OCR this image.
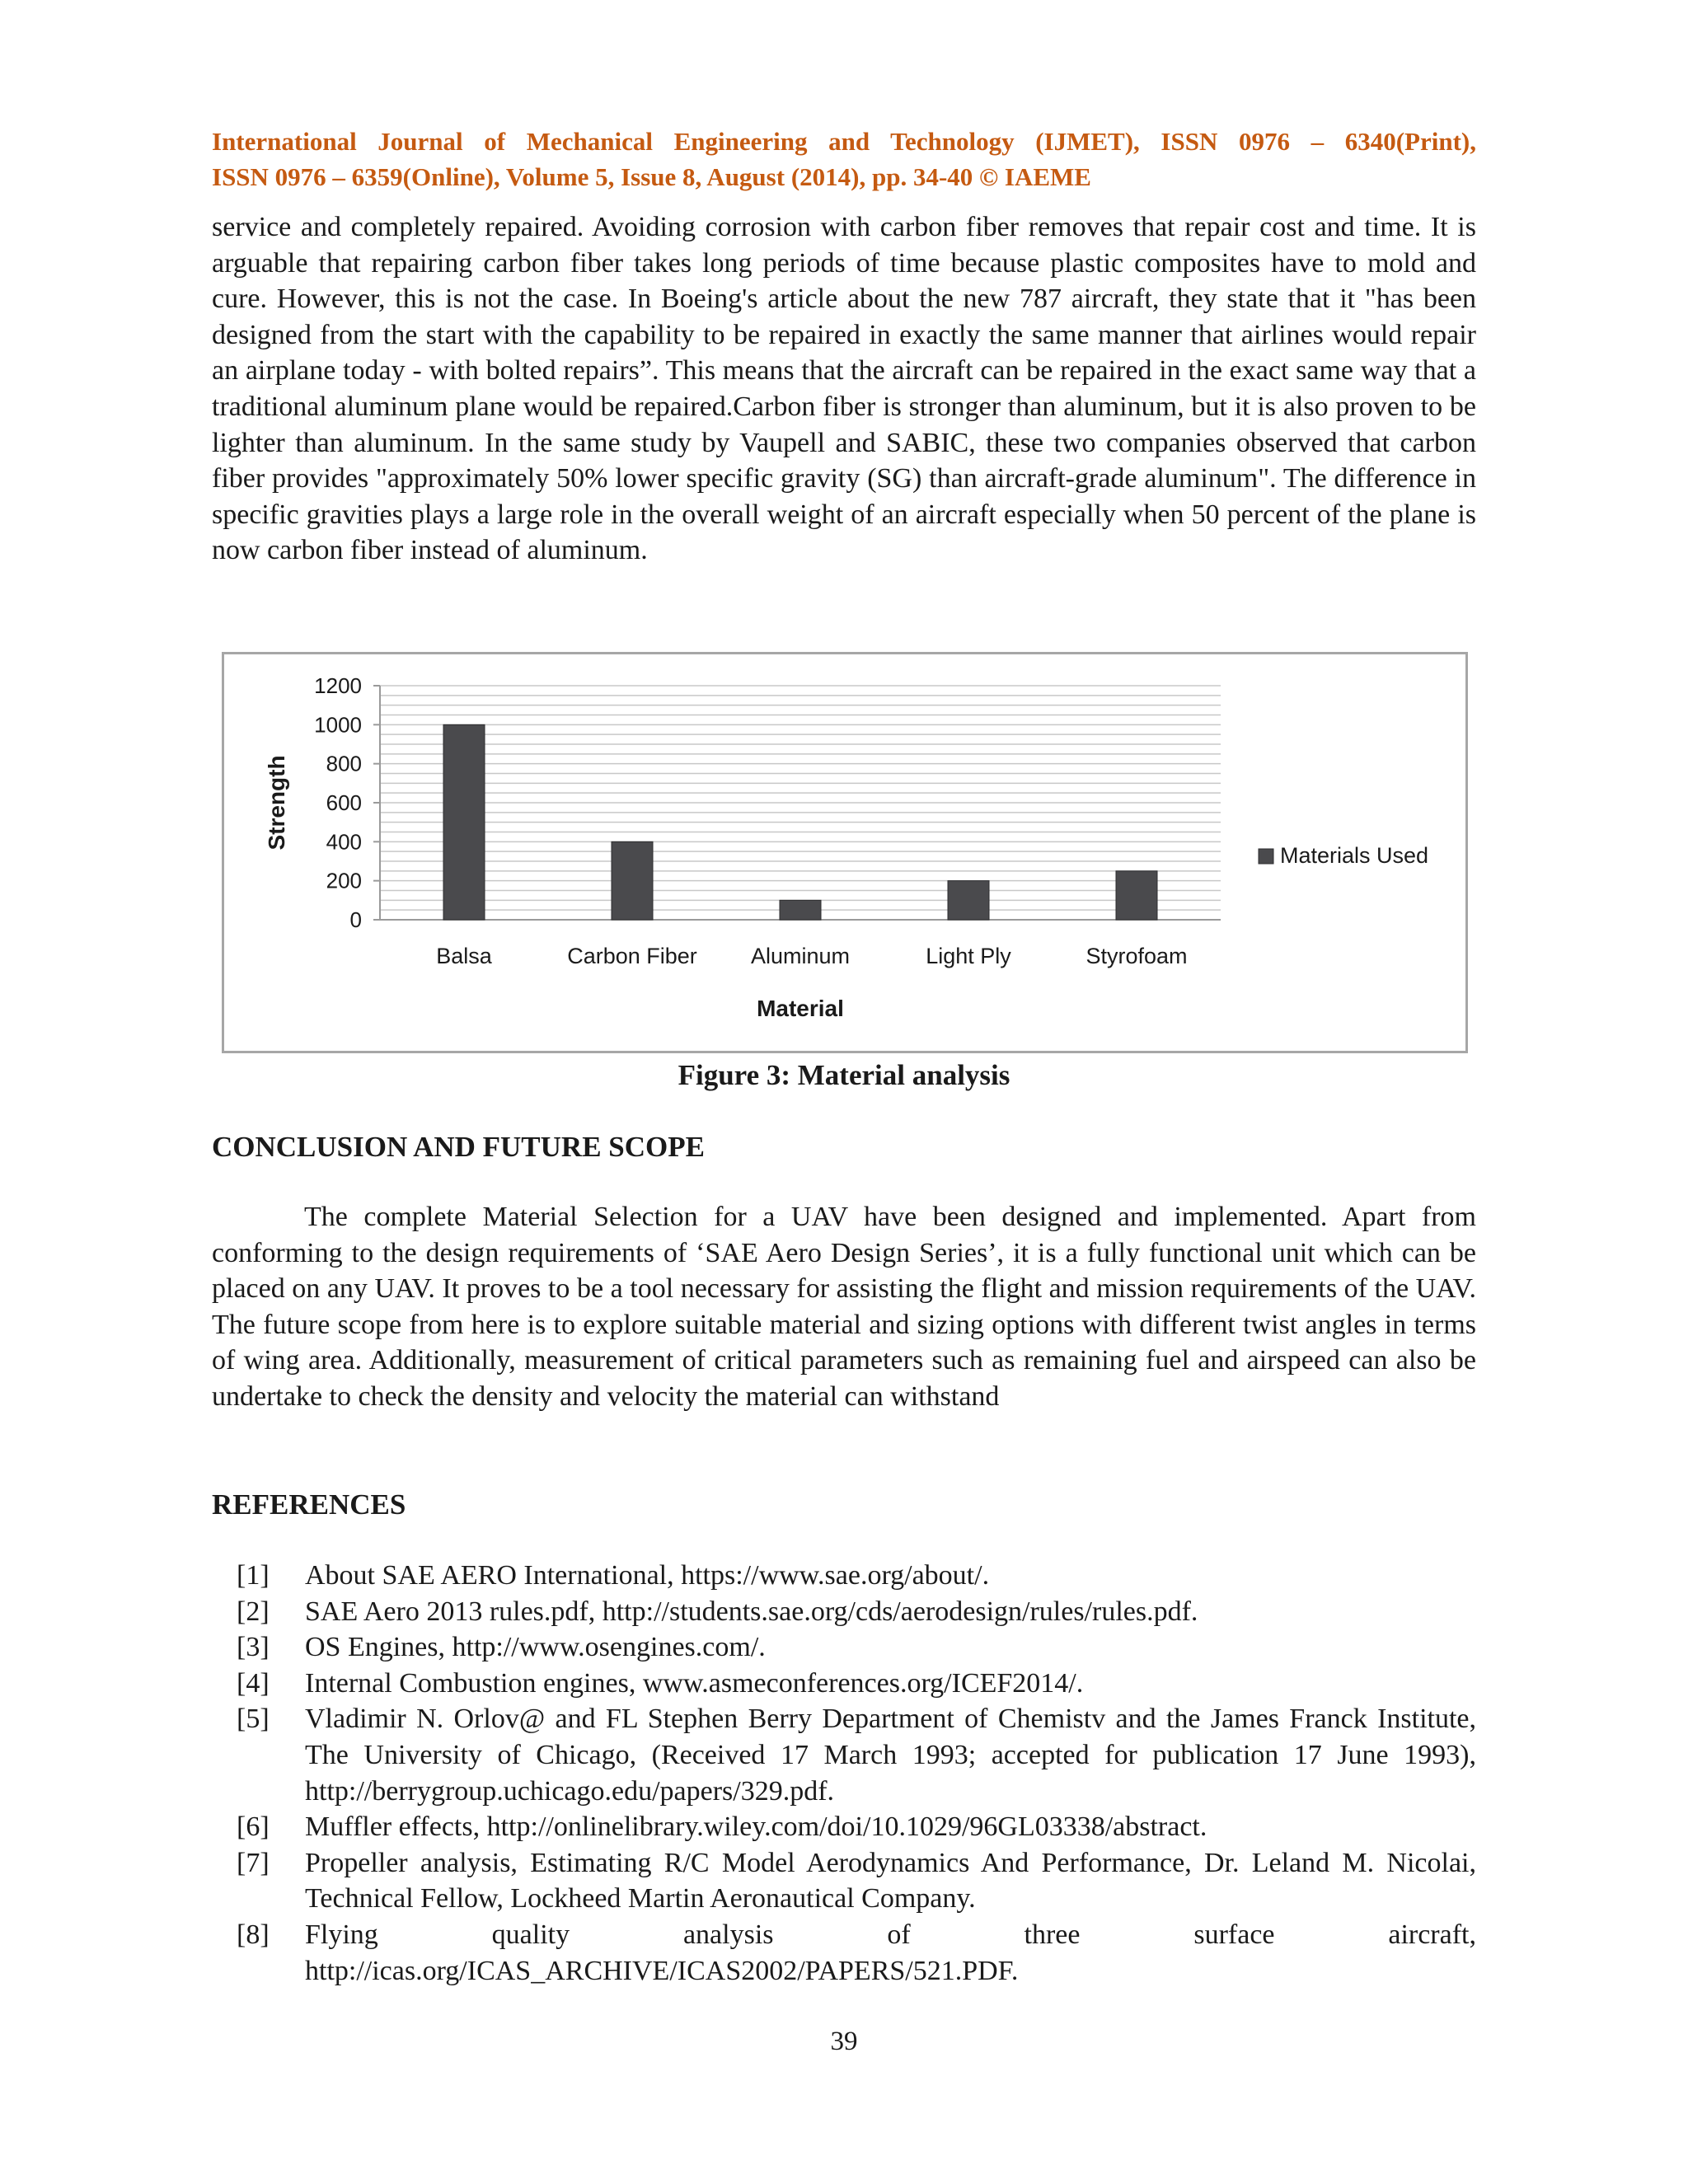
International Journal of Mechanical Engineering and Technology (IJMET), ISSN 0976 – 6340(Print),
ISSN 0976 – 6359(Online), Volume 5, Issue 8, August (2014), pp. 34-40 © IAEME

service and completely repaired. Avoiding corrosion with carbon fiber removes that repair cost and time. It is arguable that repairing carbon fiber takes long periods of time because plastic composites have to mold and cure. However, this is not the case. In Boeing's article about the new 787 aircraft, they state that it "has been designed from the start with the capability to be repaired in exactly the same manner that airlines would repair an airplane today - with bolted repairs”. This means that the aircraft can be repaired in the exact same way that a traditional aluminum plane would be repaired.Carbon fiber is stronger than aluminum, but it is also proven to be lighter than aluminum. In the same study by Vaupell and SABIC, these two companies observed that carbon fiber provides "approximately 50% lower specific gravity (SG) than aircraft-grade aluminum". The difference in specific gravities plays a large role in the overall weight of an aircraft especially when 50 percent of the plane is now carbon fiber instead of aluminum.

0
200
400
600
800
1000
1200
Balsa	Carbon Fiber Aluminum	Light Ply	Styrofoam
Material
Strength
Materials Used
Figure 3: Material analysis
CONCLUSION AND FUTURE SCOPE

The complete Material Selection for a UAV have been designed and implemented. Apart from conforming to the design requirements of ‘SAE Aero Design Series’, it is a fully functional unit which can be placed on any UAV. It proves to be a tool necessary for assisting the flight and mission requirements of the UAV. The future scope from here is to explore suitable material and sizing options with different twist angles in terms of wing area. Additionally, measurement of critical parameters such as remaining fuel and airspeed can also be undertake to check the density and velocity the material can withstand

REFERENCES
[1]	About SAE AERO International, https://www.sae.org/about/.
[2]	SAE Aero 2013 rules.pdf, http://students.sae.org/cds/aerodesign/rules/rules.pdf.
[3]	OS Engines, http://www.osengines.com/.
[4]	Internal Combustion engines, www.asmeconferences.org/ICEF2014/.
[5]	Vladimir N. Orlov@ and FL Stephen Berry Department of Chemistv and the James Franck Institute, The University of Chicago, (Received 17 March 1993; accepted for publication 17 June 1993), http://berrygroup.uchicago.edu/papers/329.pdf.
[6]	Muffler effects, http://onlinelibrary.wiley.com/doi/10.1029/96GL03338/abstract.
[7]	Propeller analysis, Estimating R/C Model Aerodynamics And Performance, Dr. Leland M. Nicolai, Technical Fellow, Lockheed Martin Aeronautical Company.
[8]	Flying quality analysis of three surface aircraft, http://icas.org/ICAS_ARCHIVE/ICAS2002/PAPERS/521.PDF.
39
